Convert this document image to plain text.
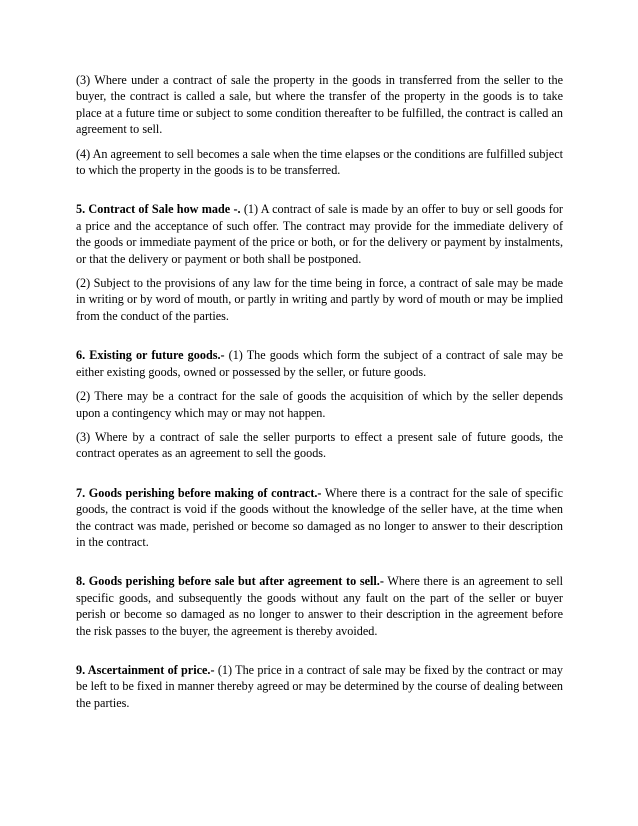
(3) Where under a contract of sale the property in the goods in transferred from the seller to the buyer, the contract is called a sale, but where the transfer of the property in the goods is to take place at a future time or subject to some condition thereafter to be fulfilled, the contract is called an agreement to sell.

(4) An agreement to sell becomes a sale when the time elapses or the conditions are fulfilled subject to which the property in the goods is to be transferred.

5. Contract of Sale how made -. (1) A contract of sale is made by an offer to buy or sell goods for a price and the acceptance of such offer. The contract may provide for the immediate delivery of the goods or immediate payment of the price or both, or for the delivery or payment by instalments, or that the delivery or payment or both shall be postponed.

(2) Subject to the provisions of any law for the time being in force, a contract of sale may be made in writing or by word of mouth, or partly in writing and partly by word of mouth or may be implied from the conduct of the parties.

6. Existing or future goods.- (1) The goods which form the subject of a contract of sale may be either existing goods, owned or possessed by the seller, or future goods.

(2) There may be a contract for the sale of goods the acquisition of which by the seller depends upon a contingency which may or may not happen.

(3) Where by a contract of sale the seller purports to effect a present sale of future goods, the contract operates as an agreement to sell the goods.

7. Goods perishing before making of contract.- Where there is a contract for the sale of specific goods, the contract is void if the goods without the knowledge of the seller have, at the time when the contract was made, perished or become so damaged as no longer to answer to their description in the contract.

8. Goods perishing before sale but after agreement to sell.- Where there is an agreement to sell specific goods, and subsequently the goods without any fault on the part of the seller or buyer perish or become so damaged as no longer to answer to their description in the agreement before the risk passes to the buyer, the agreement is thereby avoided.

9. Ascertainment of price.- (1) The price in a contract of sale may be fixed by the contract or may be left to be fixed in manner thereby agreed or may be determined by the course of dealing between the parties.
